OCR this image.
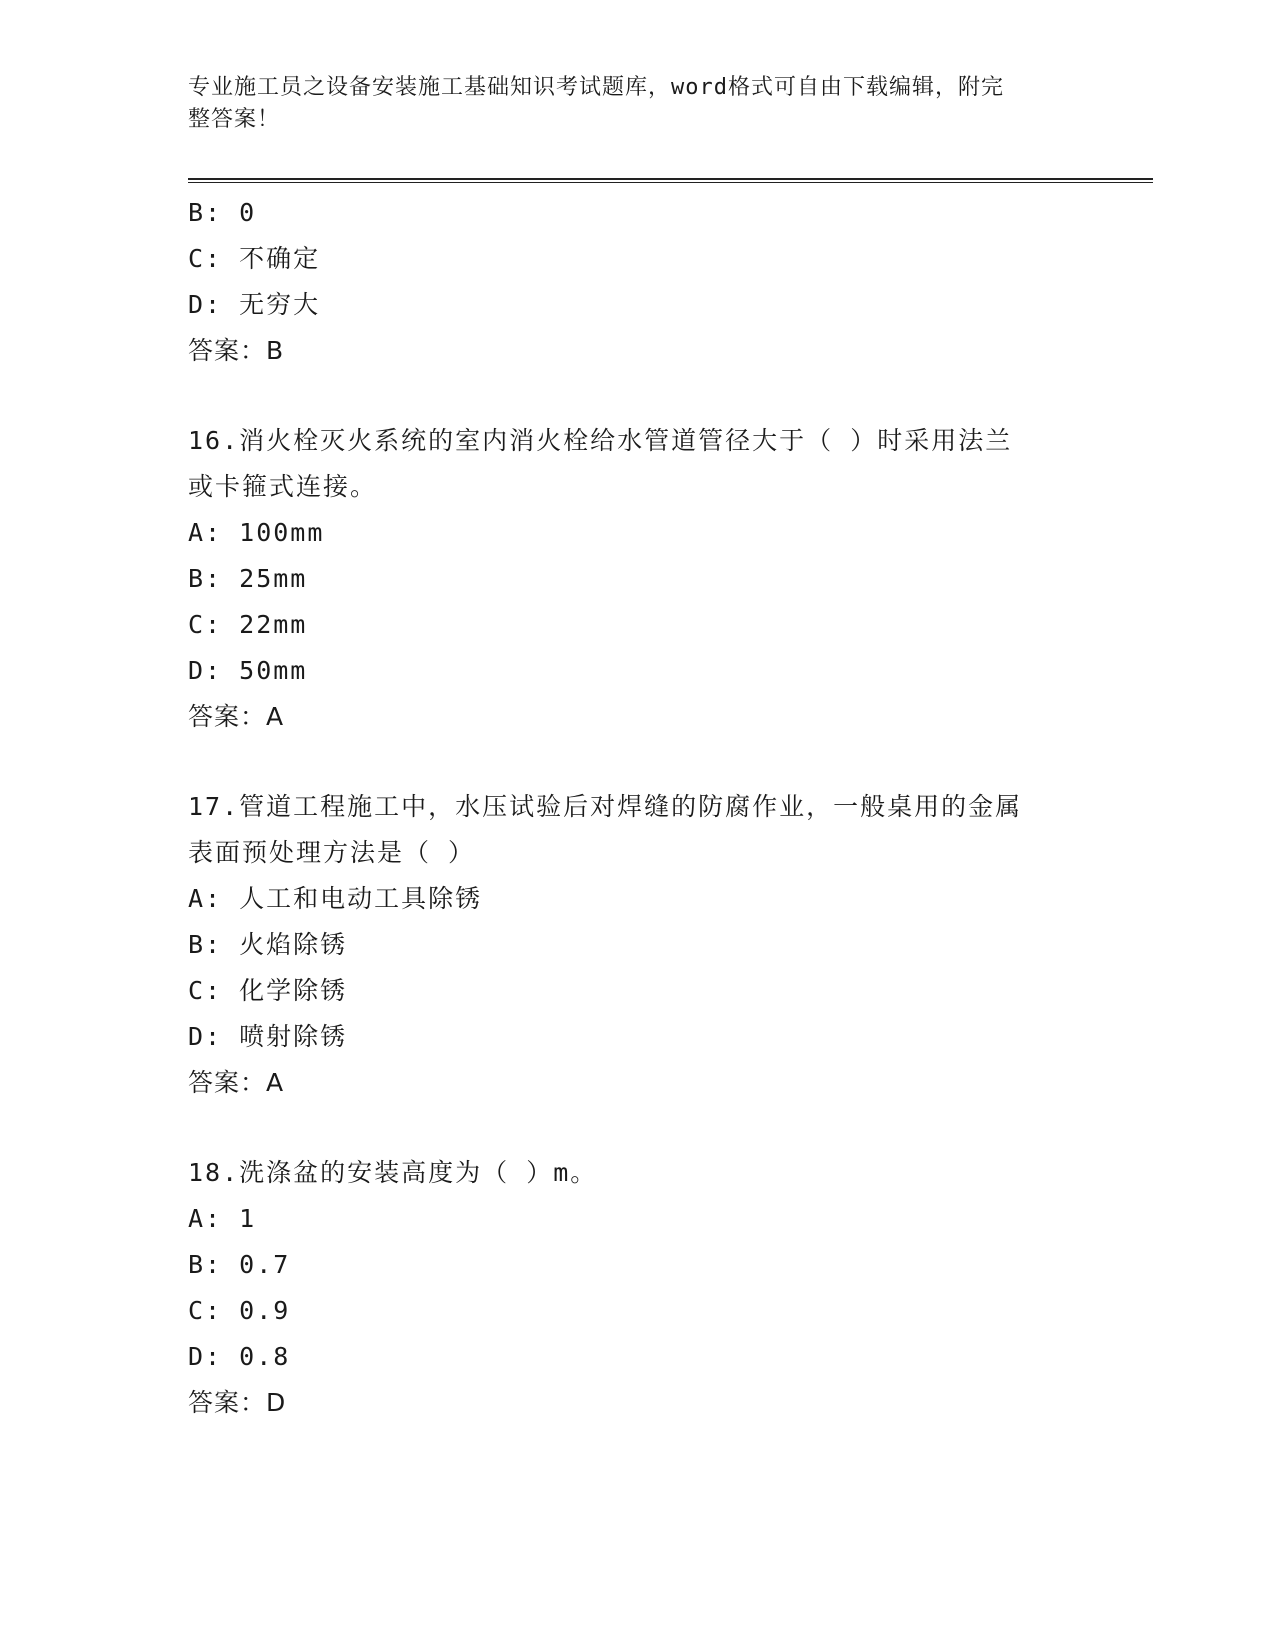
专业施工员之设备安装施工基础知识考试题库，word格式可自由下载编辑，附完
整答案！
B: 0
C: 不确定
D: 无穷大
答案：B
16.消火栓灭火系统的室内消火栓给水管道管径大于（ ）时采用法兰
或卡箍式连接。
A: 100mm
B: 25mm
C: 22mm
D: 50mm
答案：A
17.管道工程施工中，水压试验后对焊缝的防腐作业，一般桌用的金属
表面预处理方法是（ ）
A: 人工和电动工具除锈
B: 火焰除锈
C: 化学除锈
D: 喷射除锈
答案：A
18.洗涤盆的安装高度为（ ）m。
A: 1
B: 0.7
C: 0.9
D: 0.8
答案：D
